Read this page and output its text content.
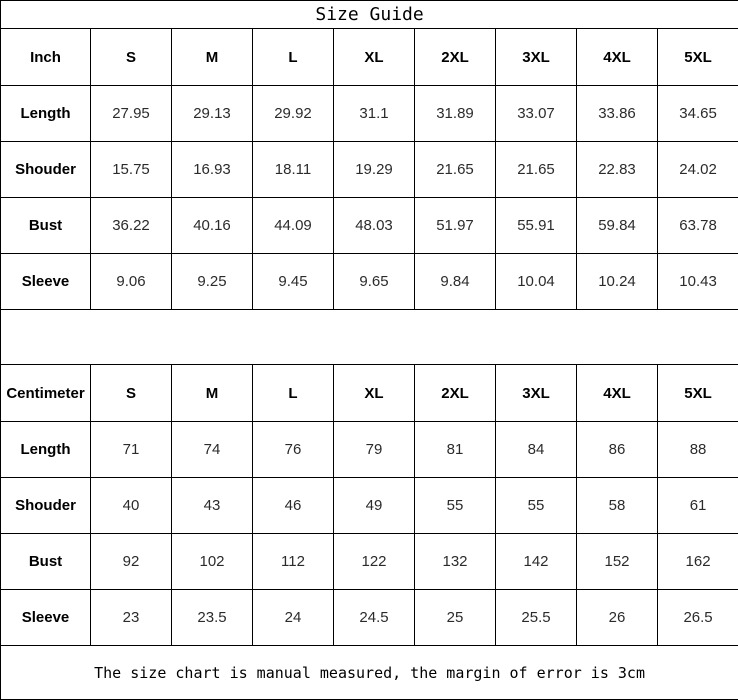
Size Guide								
Inch	S	M	L	XL	2XL	3XL	4XL	5XL
Length	27.95	29.13	29.92	31.1	31.89	33.07	33.86	34.65
Shouder	15.75	16.93	18.11	19.29	21.65	21.65	22.83	24.02
Bust	36.22	40.16	44.09	48.03	51.97	55.91	59.84	63.78
Sleeve	9.06	9.25	9.45	9.65	9.84	10.04	10.24	10.43

Centimeter	S	M	L	XL	2XL	3XL	4XL	5XL
Length	71	74	76	79	81	84	86	88
Shouder	40	43	46	49	55	55	58	61
Bust	92	102	112	122	132	142	152	162
Sleeve	23	23.5	24	24.5	25	25.5	26	26.5
The size chart is manual measured, the margin of error is 3cm								
